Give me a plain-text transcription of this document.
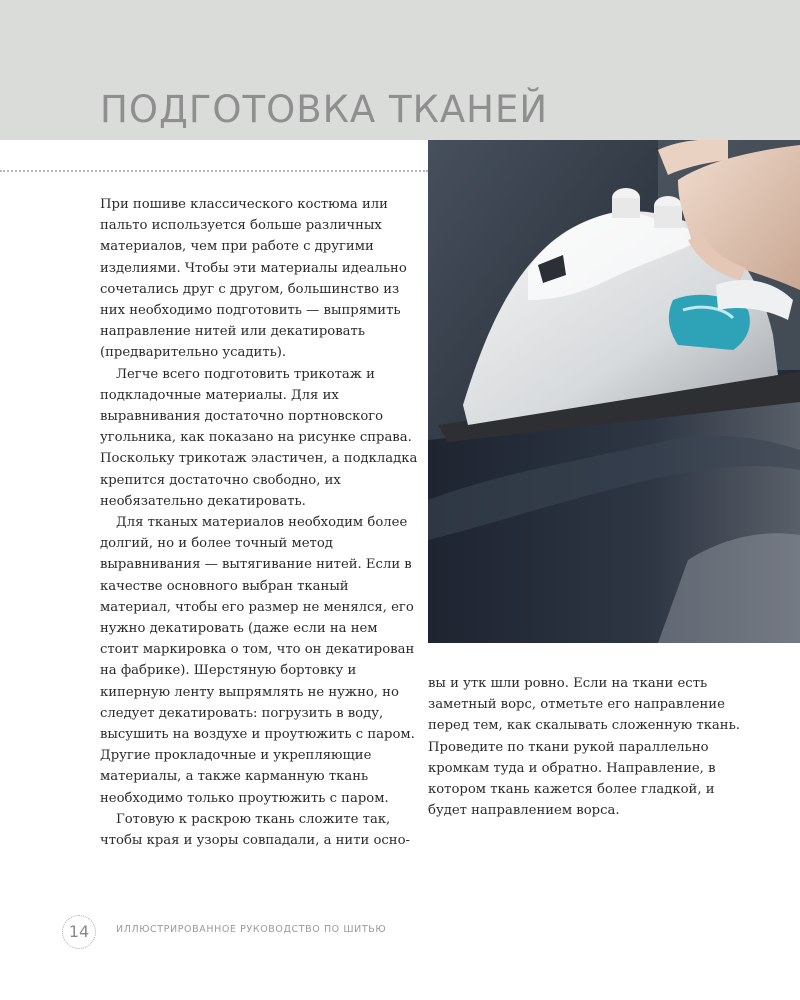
ПОДГОТОВКА ТКАНЕЙ

При пошиве классического костюма или пальто используется больше различных материалов, чем при работе с другими изделиями. Чтобы эти материалы идеально сочетались друг с другом, большинство из них необходимо подготовить — выпрямить направление нитей или декатировать (предварительно усадить).

Легче всего подготовить трикотаж и подкладочные материалы. Для их выравнивания достаточно портновского угольника, как показано на рисунке справа. Поскольку трикотаж эластичен, а подкладка крепится достаточно свободно, их необязательно декатировать.

Для тканых материалов необходим более долгий, но и более точный метод выравнивания — вытягивание нитей. Если в качестве основного выбран тканый материал, чтобы его размер не менялся, его нужно декатировать (даже если на нем стоит маркировка о том, что он декатирован на фабрике). Шерстяную бортовку и киперную ленту выпрямлять не нужно, но следует декатировать: погрузить в воду, высушить на воздухе и проутюжить с паром. Другие прокладочные и укрепляющие материалы, а также карманную ткань необходимо только проутюжить с паром.

Готовую к раскрою ткань сложите так, чтобы края и узоры совпадали, а нити осно-

вы и утк шли ровно. Если на ткани есть заметный ворс, отметьте его направление перед тем, как скалывать сложенную ткань. Проведите по ткани рукой параллельно кромкам туда и обратно. Направление, в котором ткань кажется более гладкой, и будет направлением ворса.

14	ИЛЛЮСТРИРОВАННОЕ РУКОВОДСТВО ПО ШИТЬЮ
